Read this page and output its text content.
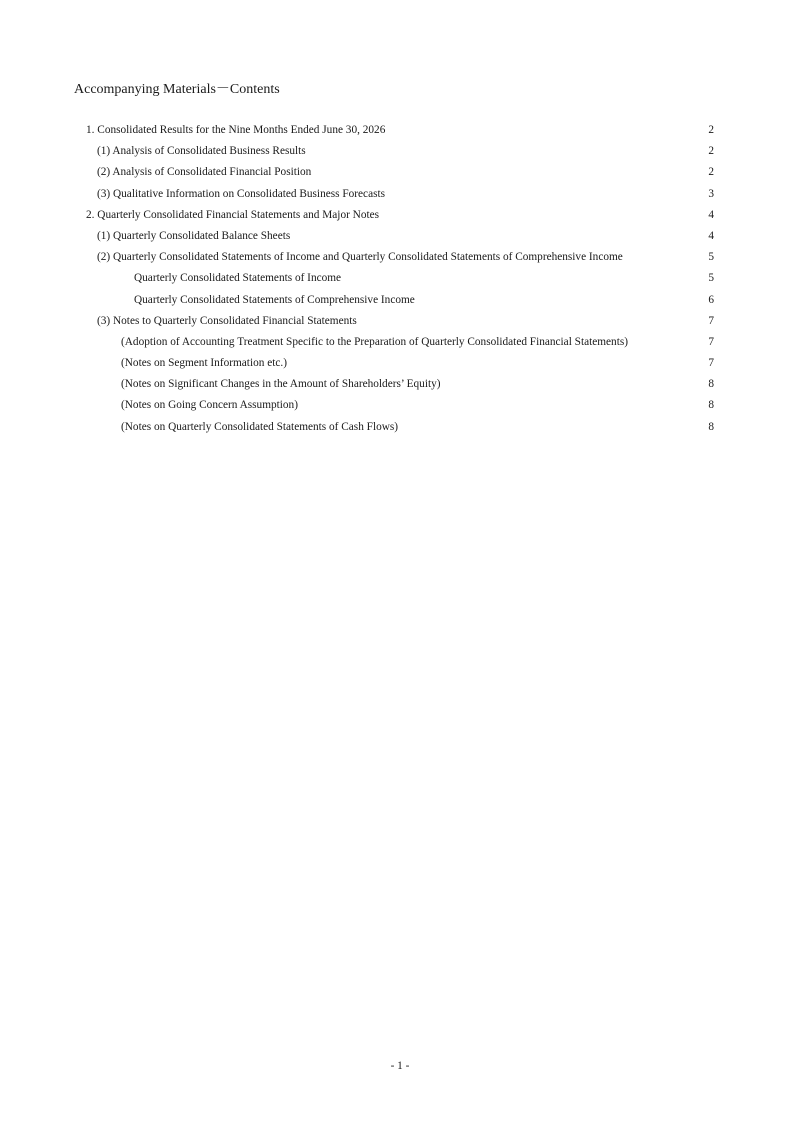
Accompanying Materials－Contents
1. Consolidated Results for the Nine Months Ended June 30, 2026	2
(1) Analysis of Consolidated Business Results	2
(2) Analysis of Consolidated Financial Position	2
(3) Qualitative Information on Consolidated Business Forecasts	3
2. Quarterly Consolidated Financial Statements and Major Notes	4
(1) Quarterly Consolidated Balance Sheets	4
(2) Quarterly Consolidated Statements of Income and Quarterly Consolidated Statements of Comprehensive Income	5
Quarterly Consolidated Statements of Income	5
Quarterly Consolidated Statements of Comprehensive Income	6
(3) Notes to Quarterly Consolidated Financial Statements	7
(Adoption of Accounting Treatment Specific to the Preparation of Quarterly Consolidated Financial Statements)	7
(Notes on Segment Information etc.)	7
(Notes on Significant Changes in the Amount of Shareholders’ Equity)	8
(Notes on Going Concern Assumption)	8
(Notes on Quarterly Consolidated Statements of Cash Flows)	8
- 1 -
